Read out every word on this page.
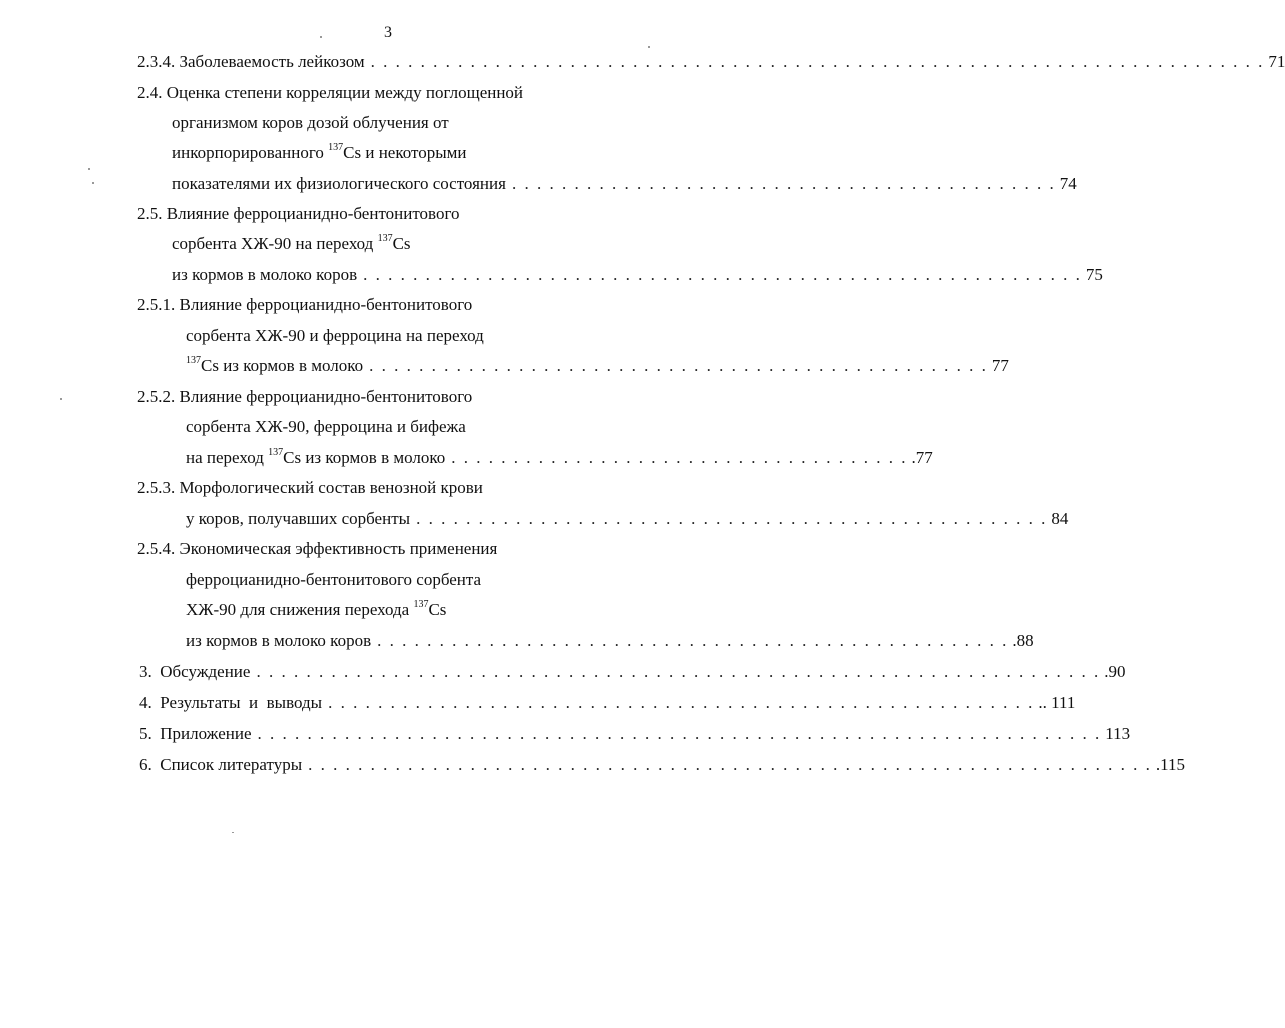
3
2.3.4. Заболеваемость лейкозом . . . . . . . . . . . . . . . . . . . . . . . . . . . . . . . . . . . . . . . . . . . . . . . . . . . . . . . . . . . . . . . . . . . . . . . . 71
2.4. Оценка степени корреляции между поглощенной
организмом коров дозой облучения от
инкорпорированного $^{137}$Cs и некоторыми
показателями их физиологического состояния . . . . . . . . . . . . . . . . . . . . . . . . . . . . . . . . . . . . . . . . . . . . 74
2.5. Влияние ферроцианидно-бентонитового
сорбента ХЖ-90 на переход $^{137}$Cs
из кормов в молоко коров . . . . . . . . . . . . . . . . . . . . . . . . . . . . . . . . . . . . . . . . . . . . . . . . . . . . . . . . . . 75
2.5.1. Влияние ферроцианидно-бентонитового
сорбента ХЖ-90 и ферроцина на переход
$^{137}$Cs из кормов в молоко . . . . . . . . . . . . . . . . . . . . . . . . . . . . . . . . . . . . . . . . . . . . . . . . . . 77
2.5.2. Влияние ферроцианидно-бентонитового
сорбента ХЖ-90, ферроцина и бифежа
на переход $^{137}$Cs из кормов в молоко . . . . . . . . . . . . . . . . . . . . . . . . . . . . . . . . . . . . . .77
2.5.3. Морфологический состав венозной крови
у коров, получавших сорбенты . . . . . . . . . . . . . . . . . . . . . . . . . . . . . . . . . . . . . . . . . . . . . . . . . . . 84
2.5.4. Экономическая эффективность применения
ферроцианидно-бентонитового сорбента
ХЖ-90 для снижения перехода $^{137}$Cs
из кормов в молоко коров . . . . . . . . . . . . . . . . . . . . . . . . . . . . . . . . . . . . . . . . . . . . . . . . . . . .88
3. Обсуждение . . . . . . . . . . . . . . . . . . . . . . . . . . . . . . . . . . . . . . . . . . . . . . . . . . . . . . . . . . . . . . . . . . . . .90
4. Результаты  и  выводы . . . . . . . . . . . . . . . . . . . . . . . . . . . . . . . . . . . . . . . . . . . . . . . . . . . . . . . . . .. 111
5. Приложение . . . . . . . . . . . . . . . . . . . . . . . . . . . . . . . . . . . . . . . . . . . . . . . . . . . . . . . . . . . . . . . . . . . . 113
6. Список литературы . . . . . . . . . . . . . . . . . . . . . . . . . . . . . . . . . . . . . . . . . . . . . . . . . . . . . . . . . . . . . . . . . . . . .115
